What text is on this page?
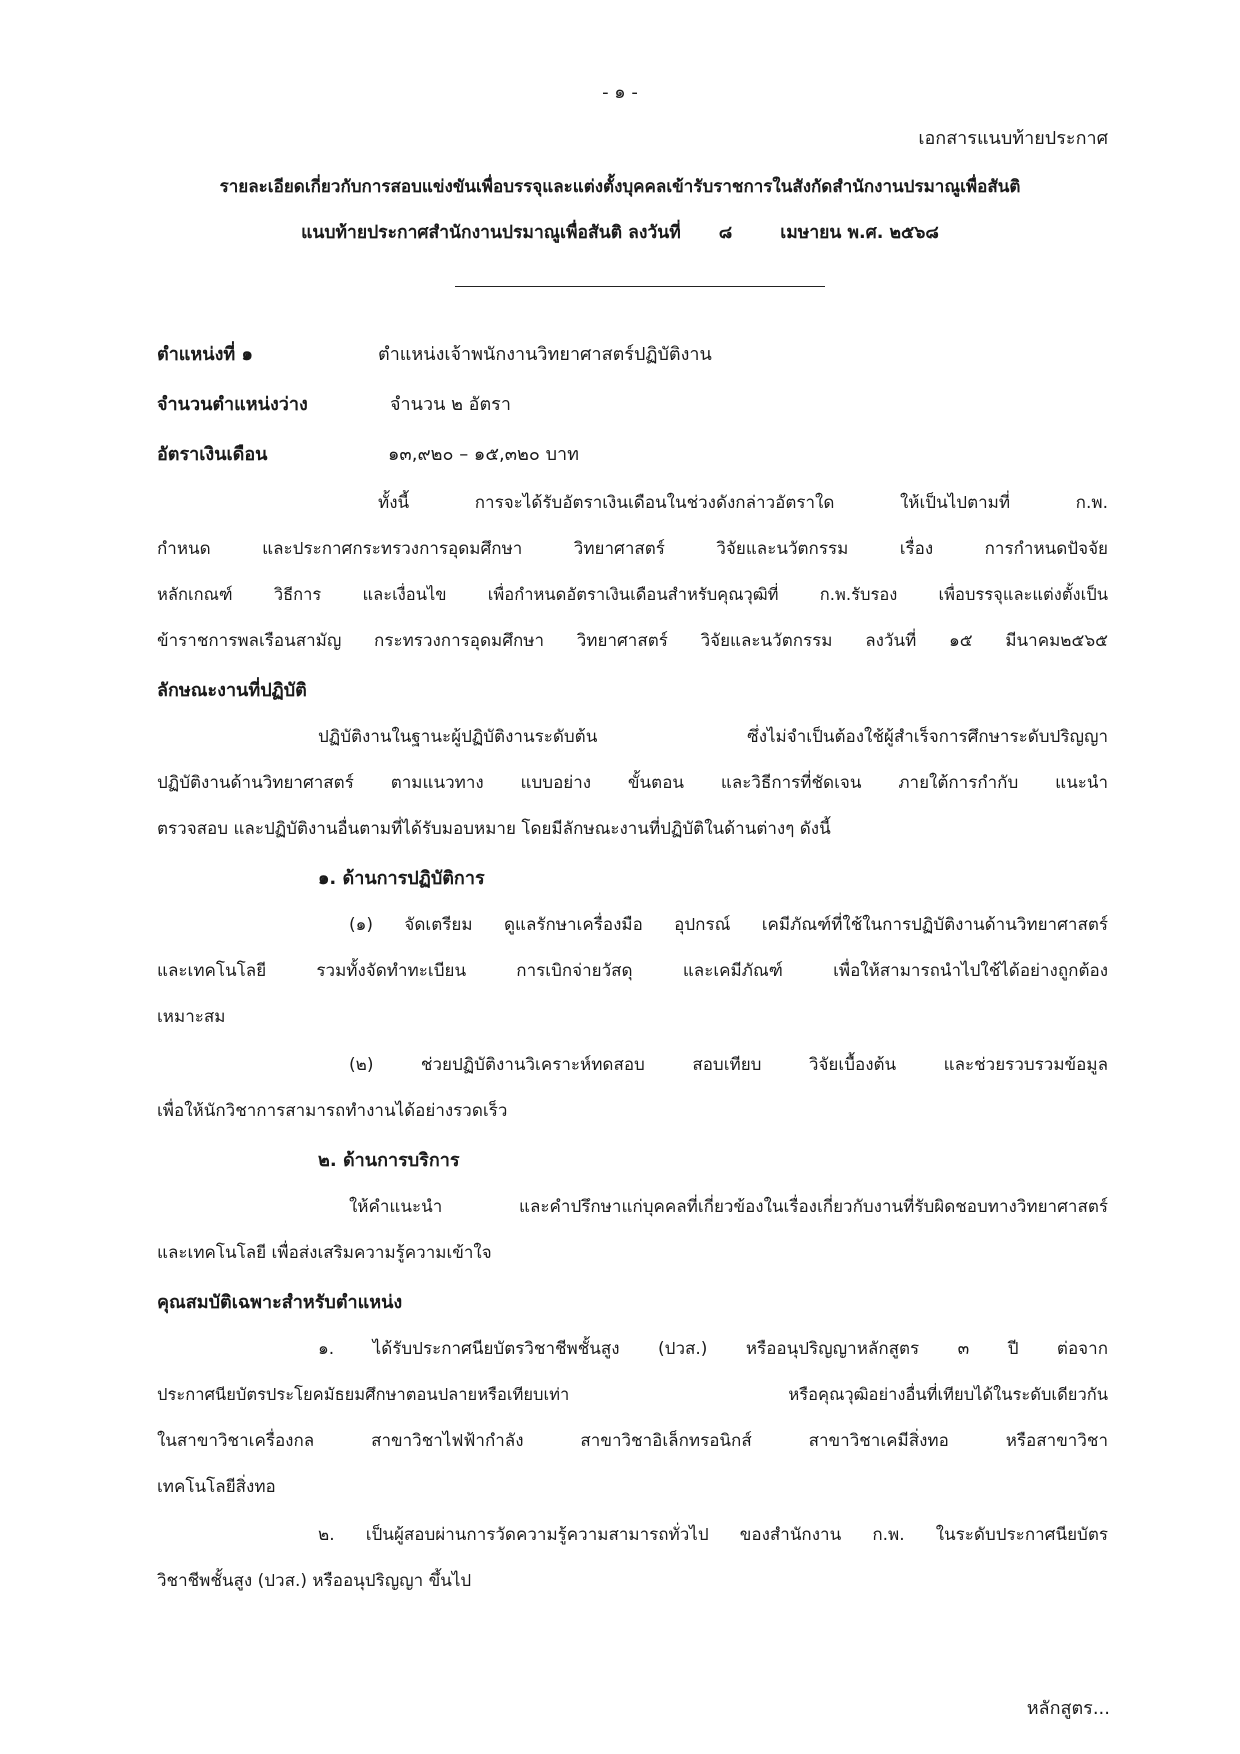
- ๑ -
เอกสารแนบท้ายประกาศ
รายละเอียดเกี่ยวกับการสอบแข่งขันเพื่อบรรจุและแต่งตั้งบุคคลเข้ารับราชการในสังกัดสำนักงานปรมาณูเพื่อสันติ
แนบท้ายประกาศสำนักงานปรมาณูเพื่อสันติ ลงวันที่ ๘	เมษายน พ.ศ. ๒๕๖๘
ตำแหน่งที่ ๑	ตำแหน่งเจ้าพนักงานวิทยาศาสตร์ปฏิบัติงาน
จำนวนตำแหน่งว่าง	จำนวน ๒ อัตรา
อัตราเงินเดือน	๑๓,๙๒๐ – ๑๕,๓๒๐ บาท
ทั้งนี้ การจะได้รับอัตราเงินเดือนในช่วงดังกล่าวอัตราใด ให้เป็นไปตามที่ ก.พ.
กำหนด และประกาศกระทรวงการอุดมศึกษา วิทยาศาสตร์ วิจัยและนวัตกรรม เรื่อง การกำหนดปัจจัย
หลักเกณฑ์ วิธีการ และเงื่อนไข เพื่อกำหนดอัตราเงินเดือนสำหรับคุณวุฒิที่ ก.พ.รับรอง เพื่อบรรจุและแต่งตั้งเป็น
ข้าราชการพลเรือนสามัญ กระทรวงการอุดมศึกษา วิทยาศาสตร์ วิจัยและนวัตกรรม ลงวันที่ ๑๕ มีนาคม๒๕๖๕
ลักษณะงานที่ปฏิบัติ
ปฏิบัติงานในฐานะผู้ปฏิบัติงานระดับต้น ซึ่งไม่จำเป็นต้องใช้ผู้สำเร็จการศึกษาระดับปริญญา
ปฏิบัติงานด้านวิทยาศาสตร์ ตามแนวทาง แบบอย่าง ขั้นตอน และวิธีการที่ชัดเจน ภายใต้การกำกับ แนะนำ
ตรวจสอบ และปฏิบัติงานอื่นตามที่ได้รับมอบหมาย โดยมีลักษณะงานที่ปฏิบัติในด้านต่างๆ ดังนี้
๑. ด้านการปฏิบัติการ
(๑) จัดเตรียม ดูแลรักษาเครื่องมือ อุปกรณ์ เคมีภัณฑ์ที่ใช้ในการปฏิบัติงานด้านวิทยาศาสตร์
และเทคโนโลยี รวมทั้งจัดทำทะเบียน การเบิกจ่ายวัสดุ และเคมีภัณฑ์ เพื่อให้สามารถนำไปใช้ได้อย่างถูกต้อง
เหมาะสม
(๒) ช่วยปฏิบัติงานวิเคราะห์ทดสอบ สอบเทียบ วิจัยเบื้องต้น และช่วยรวบรวมข้อมูล
เพื่อให้นักวิชาการสามารถทำงานได้อย่างรวดเร็ว
๒. ด้านการบริการ
ให้คำแนะนำ และคำปรึกษาแก่บุคคลที่เกี่ยวข้องในเรื่องเกี่ยวกับงานที่รับผิดชอบทางวิทยาศาสตร์
และเทคโนโลยี เพื่อส่งเสริมความรู้ความเข้าใจ
คุณสมบัติเฉพาะสำหรับตำแหน่ง
๑. ได้รับประกาศนียบัตรวิชาชีพชั้นสูง (ปวส.) หรืออนุปริญญาหลักสูตร ๓ ปี ต่อจาก
ประกาศนียบัตรประโยคมัธยมศึกษาตอนปลายหรือเทียบเท่า หรือคุณวุฒิอย่างอื่นที่เทียบได้ในระดับเดียวกัน
ในสาขาวิชาเครื่องกล สาขาวิชาไฟฟ้ากำลัง สาขาวิชาอิเล็กทรอนิกส์ สาขาวิชาเคมีสิ่งทอ หรือสาขาวิชา
เทคโนโลยีสิ่งทอ
๒. เป็นผู้สอบผ่านการวัดความรู้ความสามารถทั่วไป ของสำนักงาน ก.พ. ในระดับประกาศนียบัตร
วิชาชีพชั้นสูง (ปวส.) หรืออนุปริญญา ขึ้นไป
หลักสูตร...
